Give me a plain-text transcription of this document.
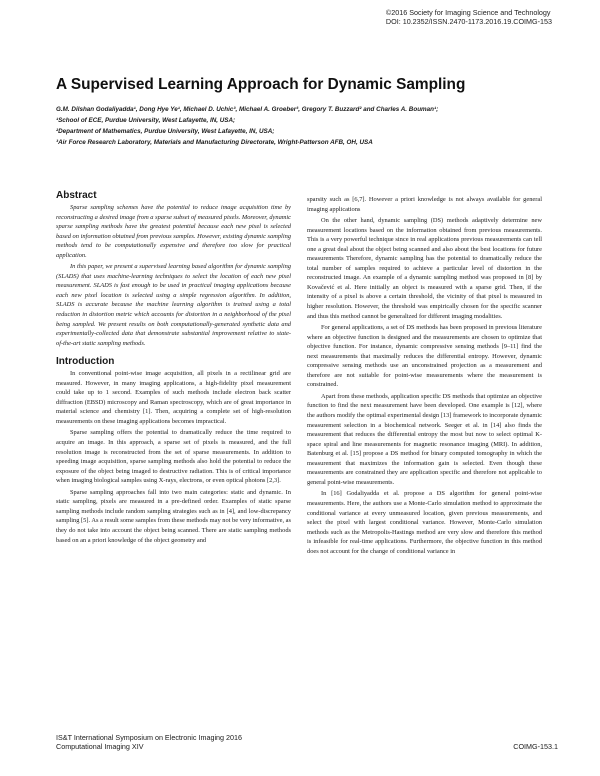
©2016 Society for Imaging Science and Technology
DOI: 10.2352/ISSN.2470-1173.2016.19.COIMG-153
A Supervised Learning Approach for Dynamic Sampling
G.M. Dilshan Godaliyadda¹, Dong Hye Ye¹, Michael D. Uchic³, Michael A. Groeber³, Gregory T. Buzzard² and Charles A. Bouman¹;
¹School of ECE, Purdue University, West Lafayette, IN, USA;
²Department of Mathematics, Purdue University, West Lafayette, IN, USA;
³Air Force Research Laboratory, Materials and Manufacturing Directorate, Wright-Patterson AFB, OH, USA
Abstract

Sparse sampling schemes have the potential to reduce image acquisition time by reconstructing a desired image from a sparse subset of measured pixels. Moreover, dynamic sparse sampling methods have the greatest potential because each new pixel is selected based on information obtained from previous samples. However, existing dynamic sampling methods tend to be computationally expensive and therefore too slow for practical application.

In this paper, we present a supervised learning based algorithm for dynamic sampling (SLADS) that uses machine-learning techniques to select the location of each new pixel measurement. SLADS is fast enough to be used in practical imaging applications because each new pixel location is selected using a simple regression algorithm. In addition, SLADS is accurate because the machine learning algorithm is trained using a total reduction in distortion metric which accounts for distortion in a neighborhood of the pixel being sampled. We present results on both computationally-generated synthetic data and experimentally-collected data that demonstrate substantial improvement relative to state-of-the-art static sampling methods.

Introduction

In conventional point-wise image acquisition, all pixels in a rectilinear grid are measured. However, in many imaging applications, a high-fidelity pixel measurement could take up to 1 second. Examples of such methods include electron back scatter diffraction (EBSD) microscopy and Raman spectroscopy, which are of great importance in material science and chemistry [1]. Then, acquiring a complete set of high-resolution measurements on these imaging applications becomes impractical.

Sparse sampling offers the potential to dramatically reduce the time required to acquire an image. In this approach, a sparse set of pixels is measured, and the full resolution image is reconstructed from the set of sparse measurements. In addition to speeding image acquisition, sparse sampling methods also hold the potential to reduce the exposure of the object being imaged to destructive radiation. This is of critical importance when imaging biological samples using X-rays, electrons, or even optical photons [2,3].

Sparse sampling approaches fall into two main categories: static and dynamic. In static sampling, pixels are measured in a pre-defined order. Examples of static sparse sampling methods include random sampling strategies such as in [4], and low-discrepancy sampling [5]. As a result some samples from these methods may not be very informative, as they do not take into account the object being scanned. There are static sampling methods based on an a priori knowledge of the object geometry and

sparsity such as [6,7]. However a priori knowledge is not always available for general imaging applications

On the other hand, dynamic sampling (DS) methods adaptively determine new measurement locations based on the information obtained from previous measurements. This is a very powerful technique since in real applications previous measurements can tell one a great deal about the object being scanned and also about the best locations for future measurements Therefore, dynamic sampling has the potential to dramatically reduce the total number of samples required to achieve a particular level of distortion in the reconstructed image. An example of a dynamic sampling method was proposed in [8] by Kovačević et al. Here initially an object is measured with a sparse grid. Then, if the intensity of a pixel is above a certain threshold, the vicinity of that pixel is measured in higher resolution. However, the threshold was empirically chosen for the specific scanner and thus this method cannot be generalized for different imaging modalities.

For general applications, a set of DS methods has been proposed in previous literature where an objective function is designed and the measurements are chosen to optimize that objective function. For instance, dynamic compressive sensing methods [9–11] find the next measurements that maximally reduces the differential entropy. However, dynamic compressive sensing methods use an unconstrained projection as a measurement and therefore are not suitable for point-wise measurements where the measurement is constrained.

Apart from these methods, application specific DS methods that optimize an objective function to find the next measurement have been developed. One example is [12], where the authors modify the optimal experimental design [13] framework to incorporate dynamic measurement selection in a biochemical network. Seeger et al. in [14] also finds the measurement that reduces the differential entropy the most but now to select optimal K-space spiral and line measurements for magnetic resonance imaging (MRI). In addition, Batenburg et al. [15] propose a DS method for binary computed tomography in which the measurement that maximizes the information gain is selected. Even though these measurements are constrained they are application specific and therefore not applicable to general point-wise measurements.

In [16] Godaliyadda et al. propose a DS algorithm for general point-wise measurements. Here, the authors use a Monte-Carlo simulation method to approximate the conditional variance at every unmeasured location, given previous measurements, and select the pixel with largest conditional variance. However, Monte-Carlo simulation methods such as the Metropolis-Hastings method are very slow and therefore this method is infeasible for real-time applications. Furthermore, the objective function in this method does not account for the change of conditional variance in

IS&T International Symposium on Electronic Imaging 2016
Computational Imaging XIV	COIMG-153.1
